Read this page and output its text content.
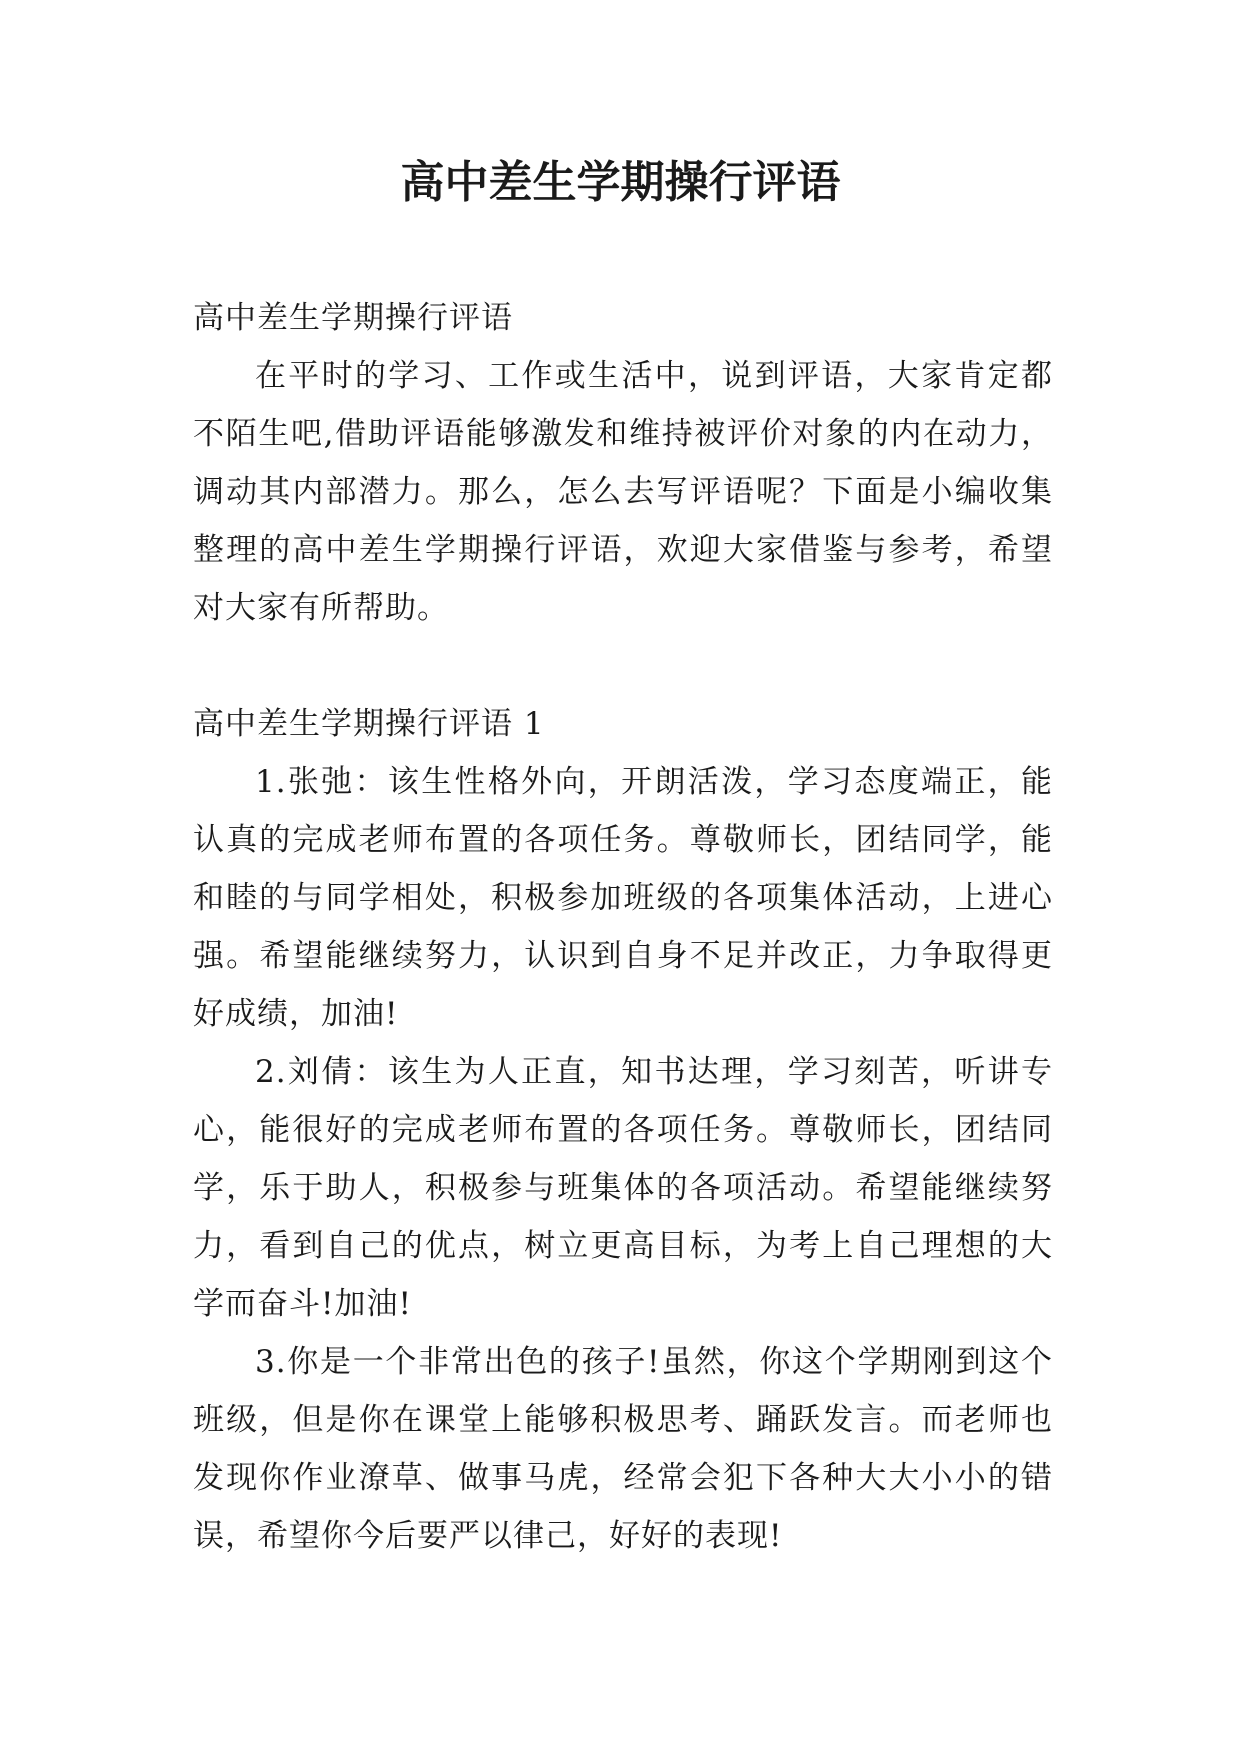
高中差生学期操行评语

高中差生学期操行评语

在平时的学习、工作或生活中，说到评语，大家肯定都不陌生吧,借助评语能够激发和维持被评价对象的内在动力，调动其内部潜力。那么，怎么去写评语呢？下面是小编收集整理的高中差生学期操行评语，欢迎大家借鉴与参考，希望对大家有所帮助。

高中差生学期操行评语 1

1.张弛：该生性格外向，开朗活泼，学习态度端正，能认真的完成老师布置的各项任务。尊敬师长，团结同学，能和睦的与同学相处，积极参加班级的各项集体活动，上进心强。希望能继续努力，认识到自身不足并改正，力争取得更好成绩，加油!

2.刘倩：该生为人正直，知书达理，学习刻苦，听讲专心，能很好的完成老师布置的各项任务。尊敬师长，团结同学，乐于助人，积极参与班集体的各项活动。希望能继续努力，看到自己的优点，树立更高目标，为考上自己理想的大学而奋斗!加油!

3.你是一个非常出色的孩子!虽然，你这个学期刚到这个班级，但是你在课堂上能够积极思考、踊跃发言。而老师也发现你作业潦草、做事马虎，经常会犯下各种大大小小的错误，希望你今后要严以律己，好好的表现!
